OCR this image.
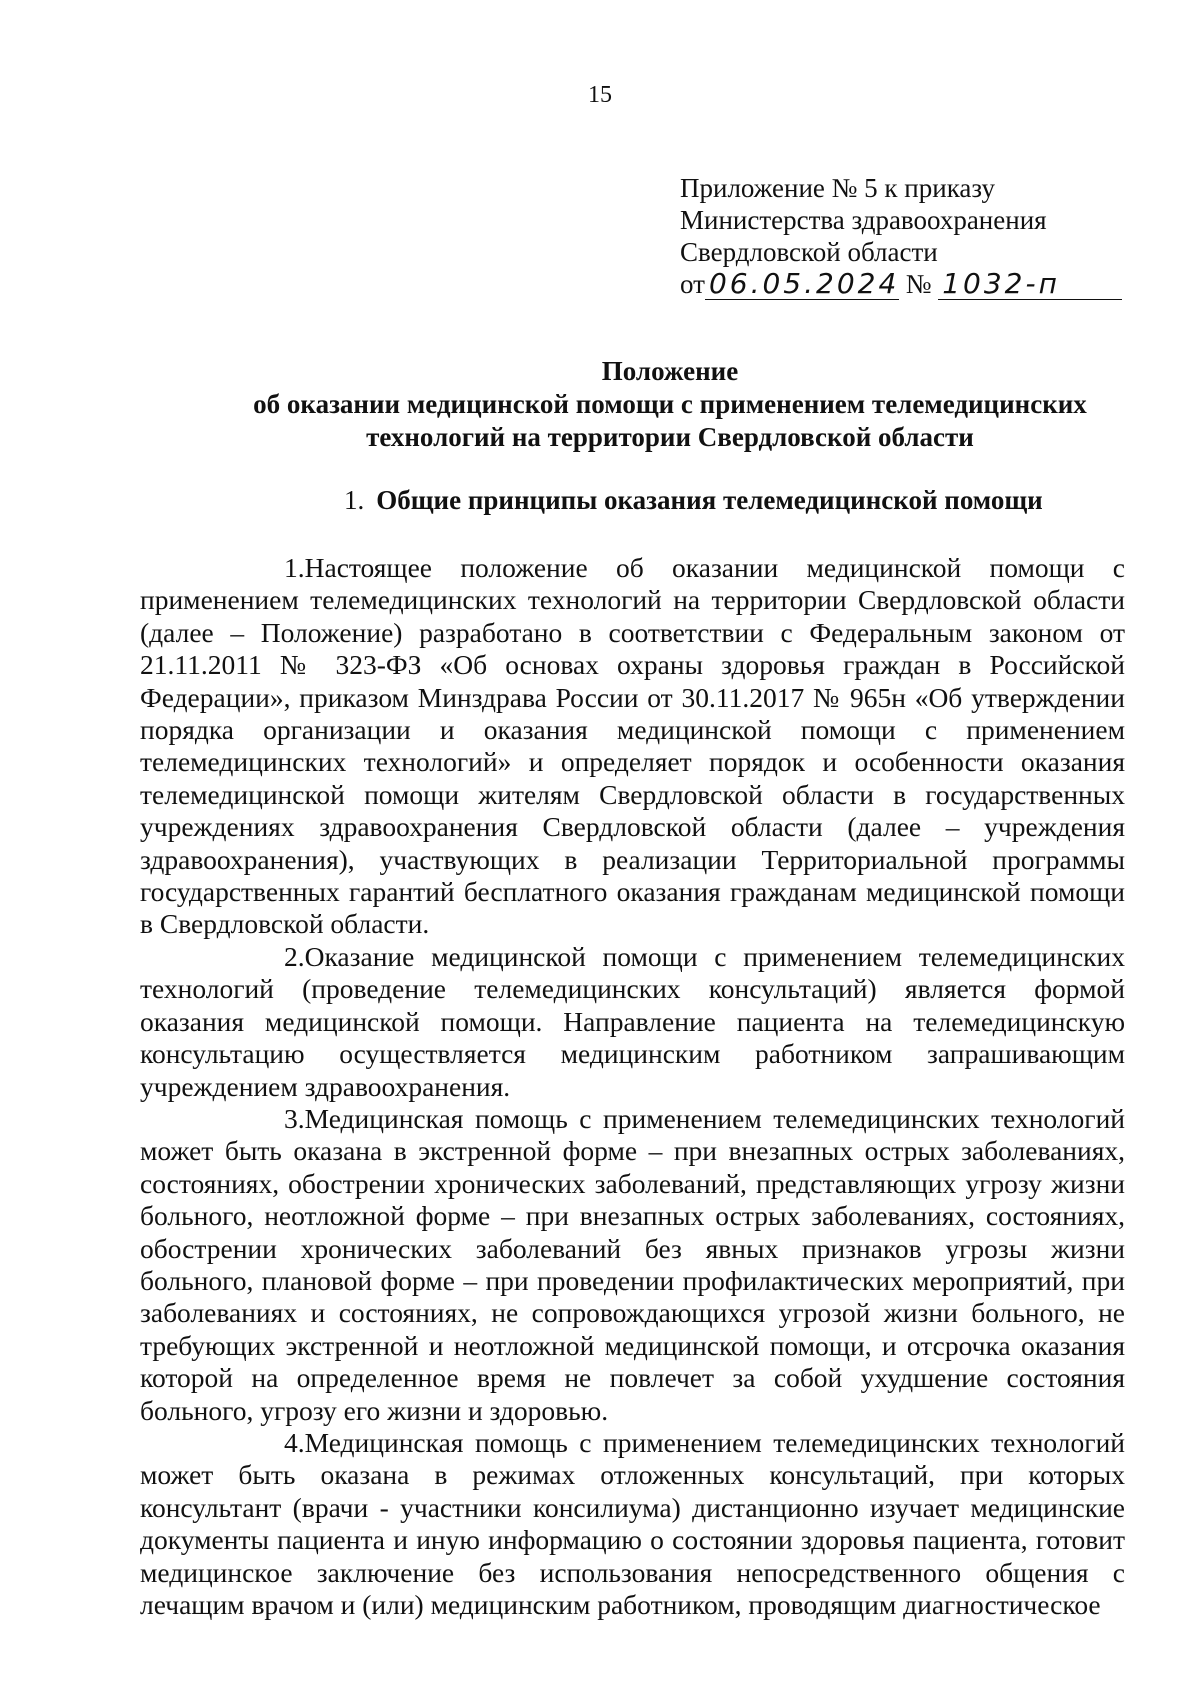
15
Приложение № 5 к приказу
Министерства здравоохранения
Свердловской области
от 06.05.2024 № 1032-п
Положение
об оказании медицинской помощи с применением телемедицинских
технологий на территории Свердловской области
1. Общие принципы оказания телемедицинской помощи

1.Настоящее положение об оказании медицинской помощи с применением телемедицинских технологий на территории Свердловской области (далее – Положение) разработано в соответствии с Федеральным законом от 21.11.2011 № 323-ФЗ «Об основах охраны здоровья граждан в Российской Федерации», приказом Минздрава России от 30.11.2017 № 965н «Об утверждении порядка организации и оказания медицинской помощи с применением телемедицинских технологий» и определяет порядок и особенности оказания телемедицинской помощи жителям Свердловской области в государственных учреждениях здравоохранения Свердловской области (далее – учреждения здравоохранения), участвующих в реализации Территориальной программы государственных гарантий бесплатного оказания гражданам медицинской помощи в Свердловской области.

2.Оказание медицинской помощи с применением телемедицинских технологий (проведение телемедицинских консультаций) является формой оказания медицинской помощи. Направление пациента на телемедицинскую консультацию осуществляется медицинским работником запрашивающим учреждением здравоохранения.

3.Медицинская помощь с применением телемедицинских технологий может быть оказана в экстренной форме – при внезапных острых заболеваниях, состояниях, обострении хронических заболеваний, представляющих угрозу жизни больного, неотложной форме – при внезапных острых заболеваниях, состояниях, обострении хронических заболеваний без явных признаков угрозы жизни больного, плановой форме – при проведении профилактических мероприятий, при заболеваниях и состояниях, не сопровождающихся угрозой жизни больного, не требующих экстренной и неотложной медицинской помощи, и отсрочка оказания которой на определенное время не повлечет за собой ухудшение состояния больного, угрозу его жизни и здоровью.

4.Медицинская помощь с применением телемедицинских технологий может быть оказана в режимах отложенных консультаций, при которых консультант (врачи - участники консилиума) дистанционно изучает медицинские документы пациента и иную информацию о состоянии здоровья пациента, готовит медицинское заключение без использования непосредственного общения с лечащим врачом и (или) медицинским работником, проводящим диагностическое
